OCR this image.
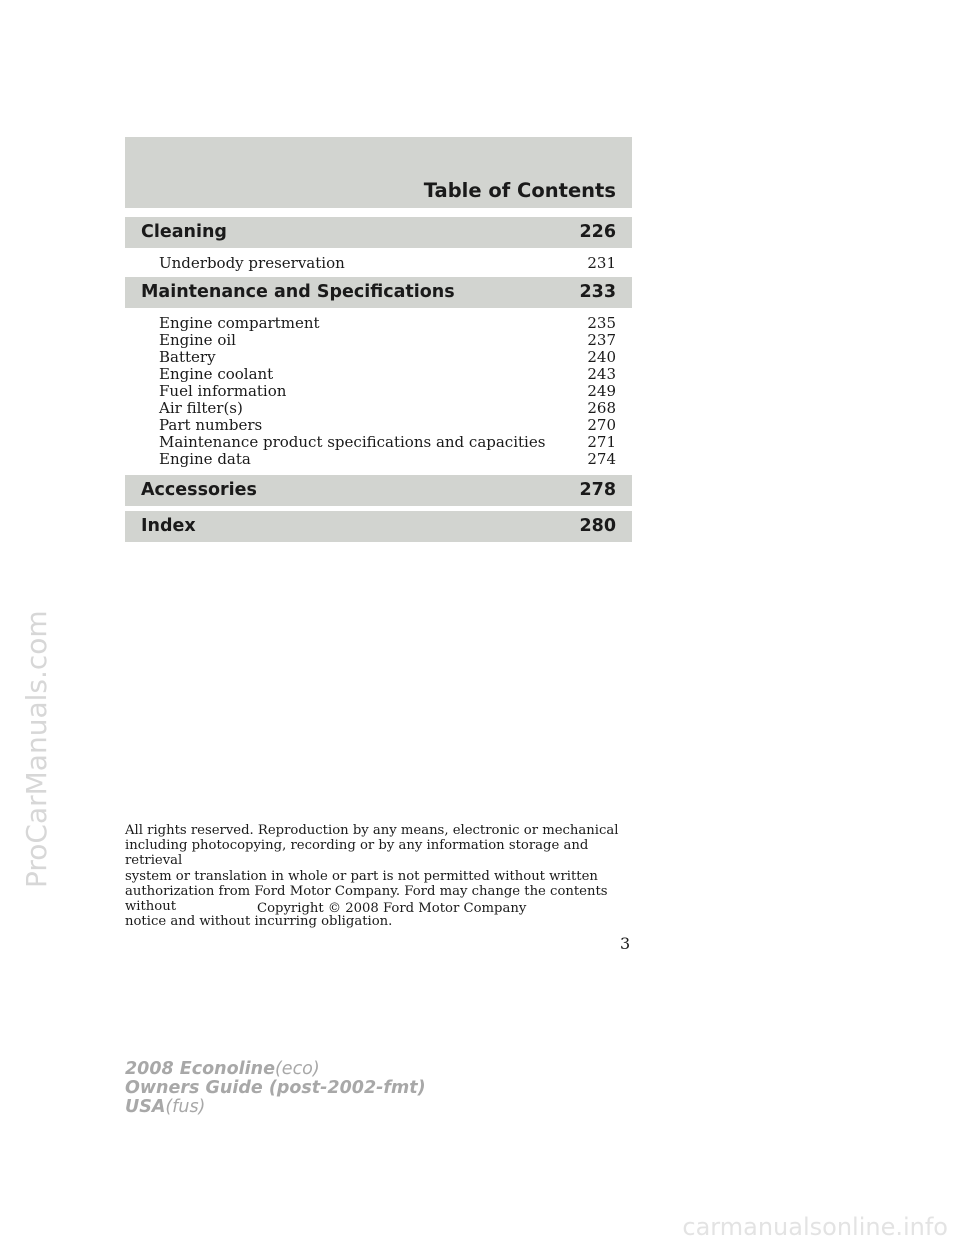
Table of Contents
Cleaning	226
Underbody preservation	231
Maintenance and Specifications	233
Engine compartment	235
Engine oil	237
Battery	240
Engine coolant	243
Fuel information	249
Air filter(s)	268
Part numbers	270
Maintenance product specifications and capacities	271
Engine data	274
Accessories	278
Index	280
All rights reserved. Reproduction by any means, electronic or mechanical
including photocopying, recording or by any information storage and retrieval
system or translation in whole or part is not permitted without written
authorization from Ford Motor Company. Ford may change the contents without
notice and without incurring obligation.
Copyright © 2008 Ford Motor Company
3
2008 Econoline(eco)
Owners Guide (post-2002-fmt)
USA(fus)
ProCarManuals.com
carmanualsonline.info
